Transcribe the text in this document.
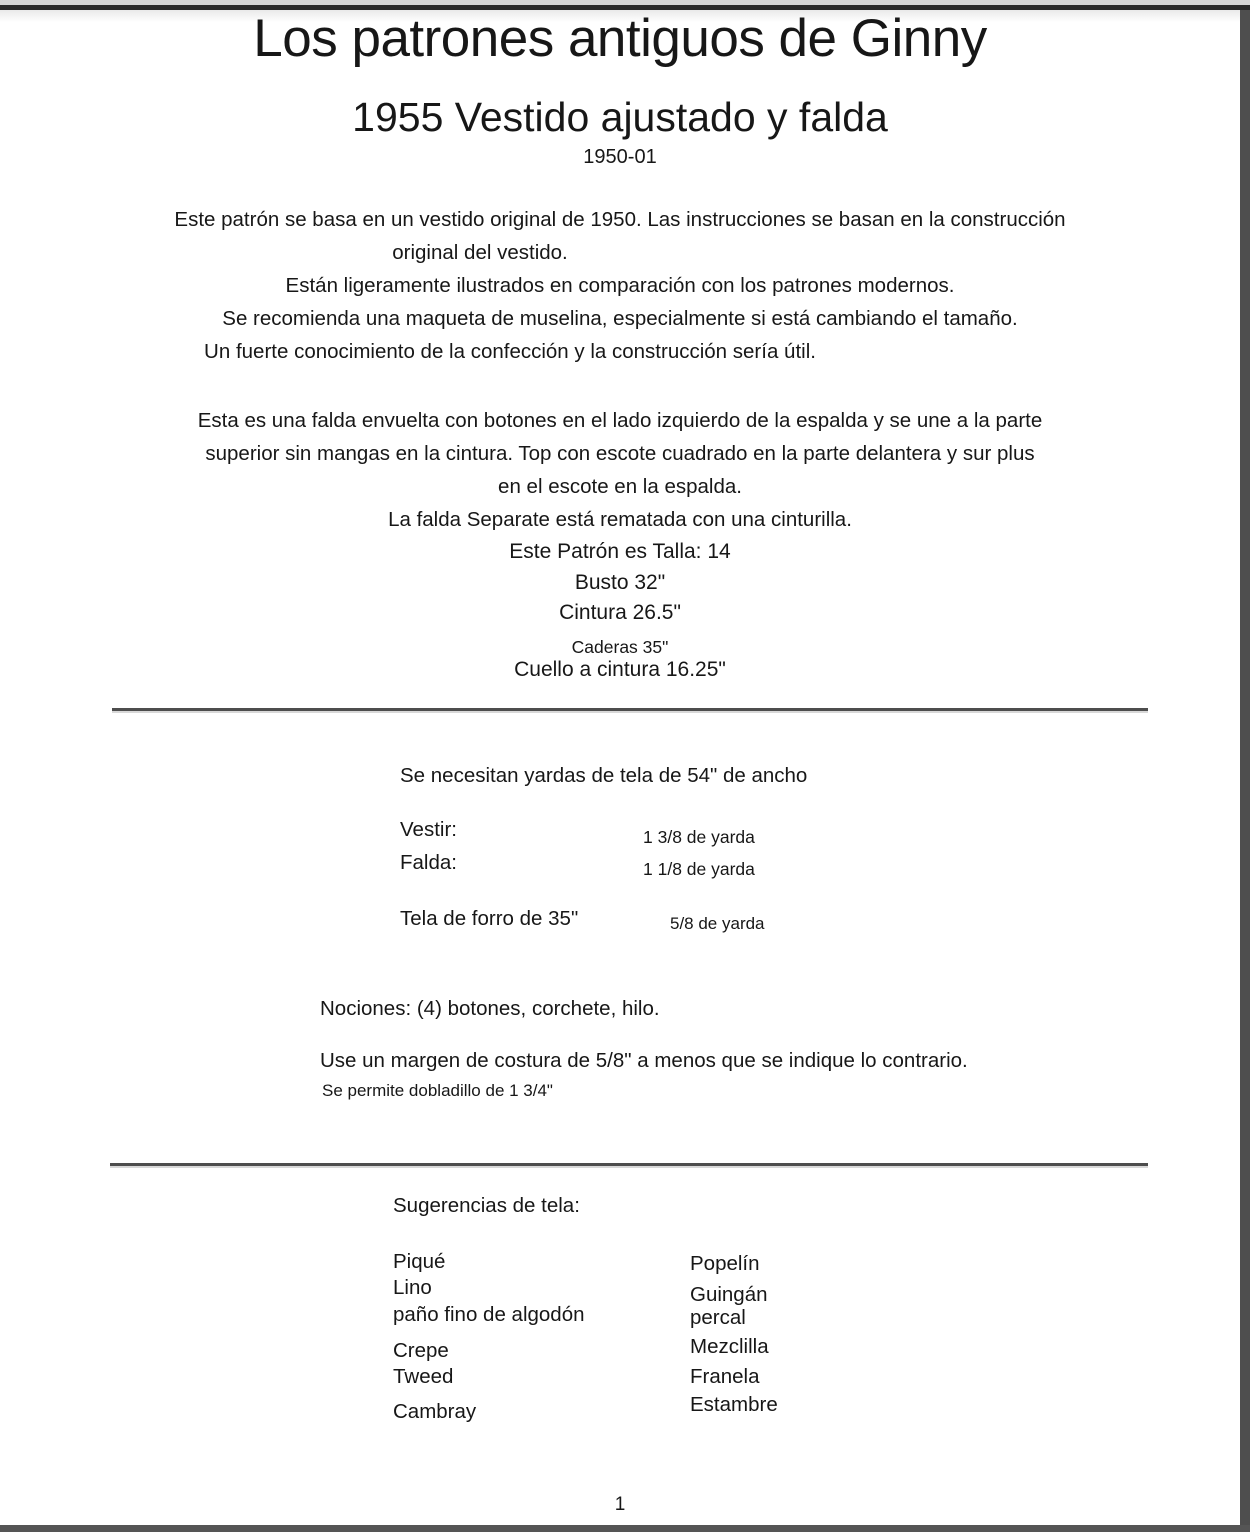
Los patrones antiguos de Ginny
1955 Vestido ajustado y falda
1950-01
Este patrón se basa en un vestido original de 1950. Las instrucciones se basan en la construcción
original del vestido.
Están ligeramente ilustrados en comparación con los patrones modernos.
Se recomienda una maqueta de muselina, especialmente si está cambiando el tamaño.
Un fuerte conocimiento de la confección y la construcción sería útil.
Esta es una falda envuelta con botones en el lado izquierdo de la espalda y se une a la parte
superior sin mangas en la cintura. Top con escote cuadrado en la parte delantera y sur plus
en el escote en la espalda.
La falda Separate está rematada con una cinturilla.
Este Patrón es Talla: 14
Busto 32"
Cintura 26.5"
Caderas 35"
Cuello a cintura 16.25"
Se necesitan yardas de tela de 54" de ancho
Vestir:	1 3/8 de yarda
Falda:	1 1/8 de yarda
Tela de forro de 35"	5/8 de yarda
Nociones: (4) botones, corchete, hilo.
Use un margen de costura de 5/8" a menos que se indique lo contrario.
Se permite dobladillo de 1 3/4"
Sugerencias de tela:
Piqué
Lino
paño fino de algodón
Crepe
Tweed
Cambray
Popelín
Guingán
percal
Mezclilla
Franela
Estambre
1
